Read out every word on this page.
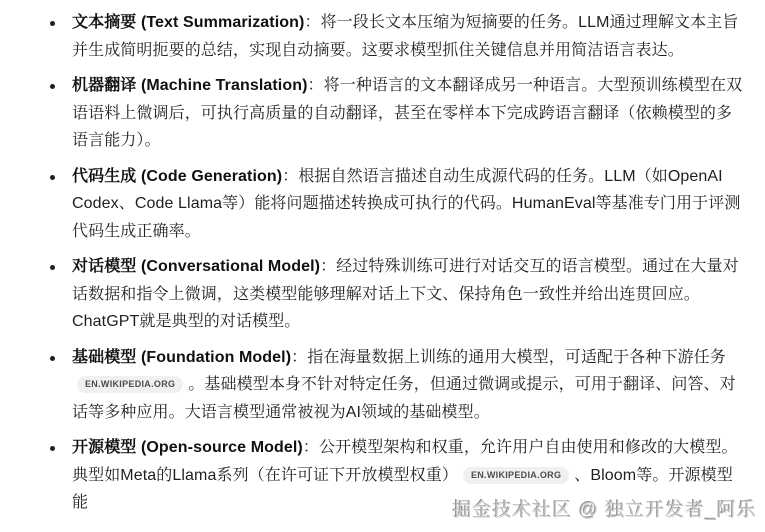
文本摘要 (Text Summarization)：将一段长文本压缩为短摘要的任务。LLM通过理解文本主旨并生成简明扼要的总结，实现自动摘要。这要求模型抓住关键信息并用简洁语言表达。
机器翻译 (Machine Translation)：将一种语言的文本翻译成另一种语言。大型预训练模型在双语语料上微调后，可执行高质量的自动翻译，甚至在零样本下完成跨语言翻译（依赖模型的多语言能力）。
代码生成 (Code Generation)：根据自然语言描述自动生成源代码的任务。LLM（如OpenAI Codex、Code Llama等）能将问题描述转换成可执行的代码。HumanEval等基准专门用于评测代码生成正确率。
对话模型 (Conversational Model)：经过特殊训练可进行对话交互的语言模型。通过在大量对话数据和指令上微调，这类模型能够理解对话上下文、保持角色一致性并给出连贯回应。ChatGPT就是典型的对话模型。
基础模型 (Foundation Model)：指在海量数据上训练的通用大模型，可适配于各种下游任务EN.WIKIPEDIA.ORG 。基础模型本身不针对特定任务，但通过微调或提示，可用于翻译、问答、对话等多种应用。大语言模型通常被视为AI领域的基础模型。
开源模型 (Open-source Model)：公开模型架构和权重，允许用户自由使用和修改的大模型。典型如Meta的Llama系列（在许可证下开放模型权重） EN.WIKIPEDIA.ORG 、Bloom等。开源模型能	掘金技术社区 @ 独立开发者_阿乐
